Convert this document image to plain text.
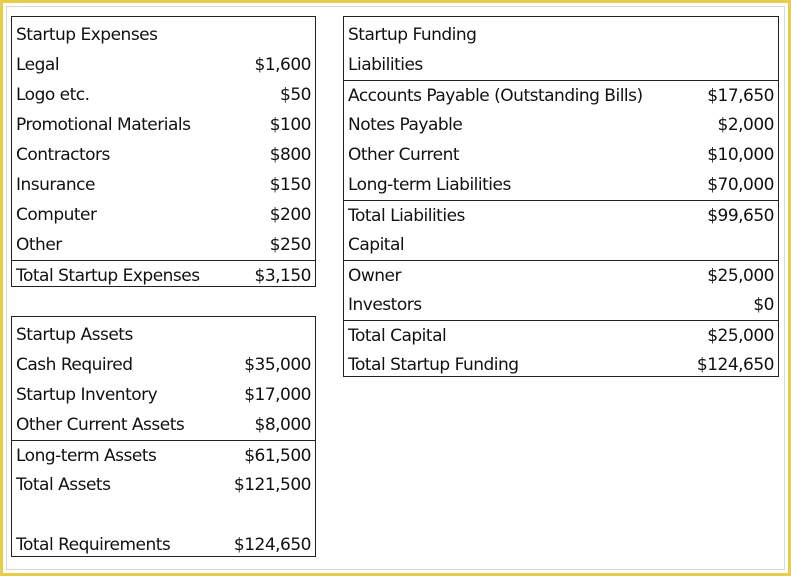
Startup Expenses
Legal	$1,600
Logo etc.	$50
Promotional Materials	$100
Contractors	$800
Insurance	$150
Computer	$200
Other	$250
Total Startup Expenses	$3,150
Startup Assets
Cash Required	$35,000
Startup Inventory	$17,000
Other Current Assets	$8,000
Long-term Assets	$61,500
Total Assets	$121,500
Total Requirements	$124,650
Startup Funding
Liabilities
Accounts Payable (Outstanding Bills)	$17,650
Notes Payable	$2,000
Other Current	$10,000
Long-term Liabilities	$70,000
Total Liabilities	$99,650
Capital
Owner	$25,000
Investors	$0
Total Capital	$25,000
Total Startup Funding	$124,650
